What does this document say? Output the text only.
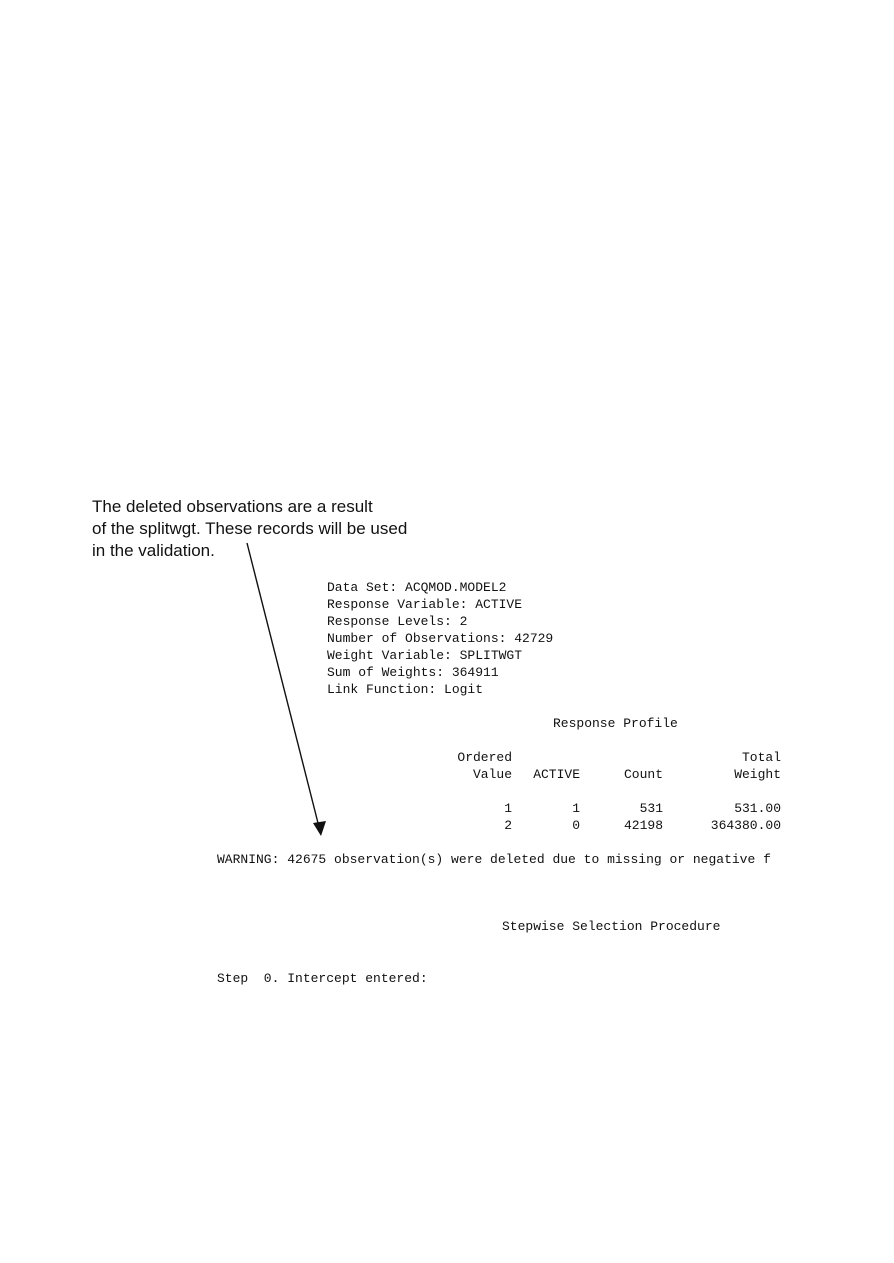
The deleted observations are a result
of the splitwgt. These records will be used
in the validation.

Data Set: ACQMOD.MODEL2
Response Variable: ACTIVE
Response Levels: 2
Number of Observations: 42729
Weight Variable: SPLITWGT
Sum of Weights: 364911
Link Function: Logit

Response Profile
Ordered	Total
Value ACTIVE	Count	Weight
1	1	531	531.00
2	0	42198	364380.00
WARNING: 42675 observation(s) were deleted due to missing or negative f
Stepwise Selection Procedure
Step  0. Intercept entered:
